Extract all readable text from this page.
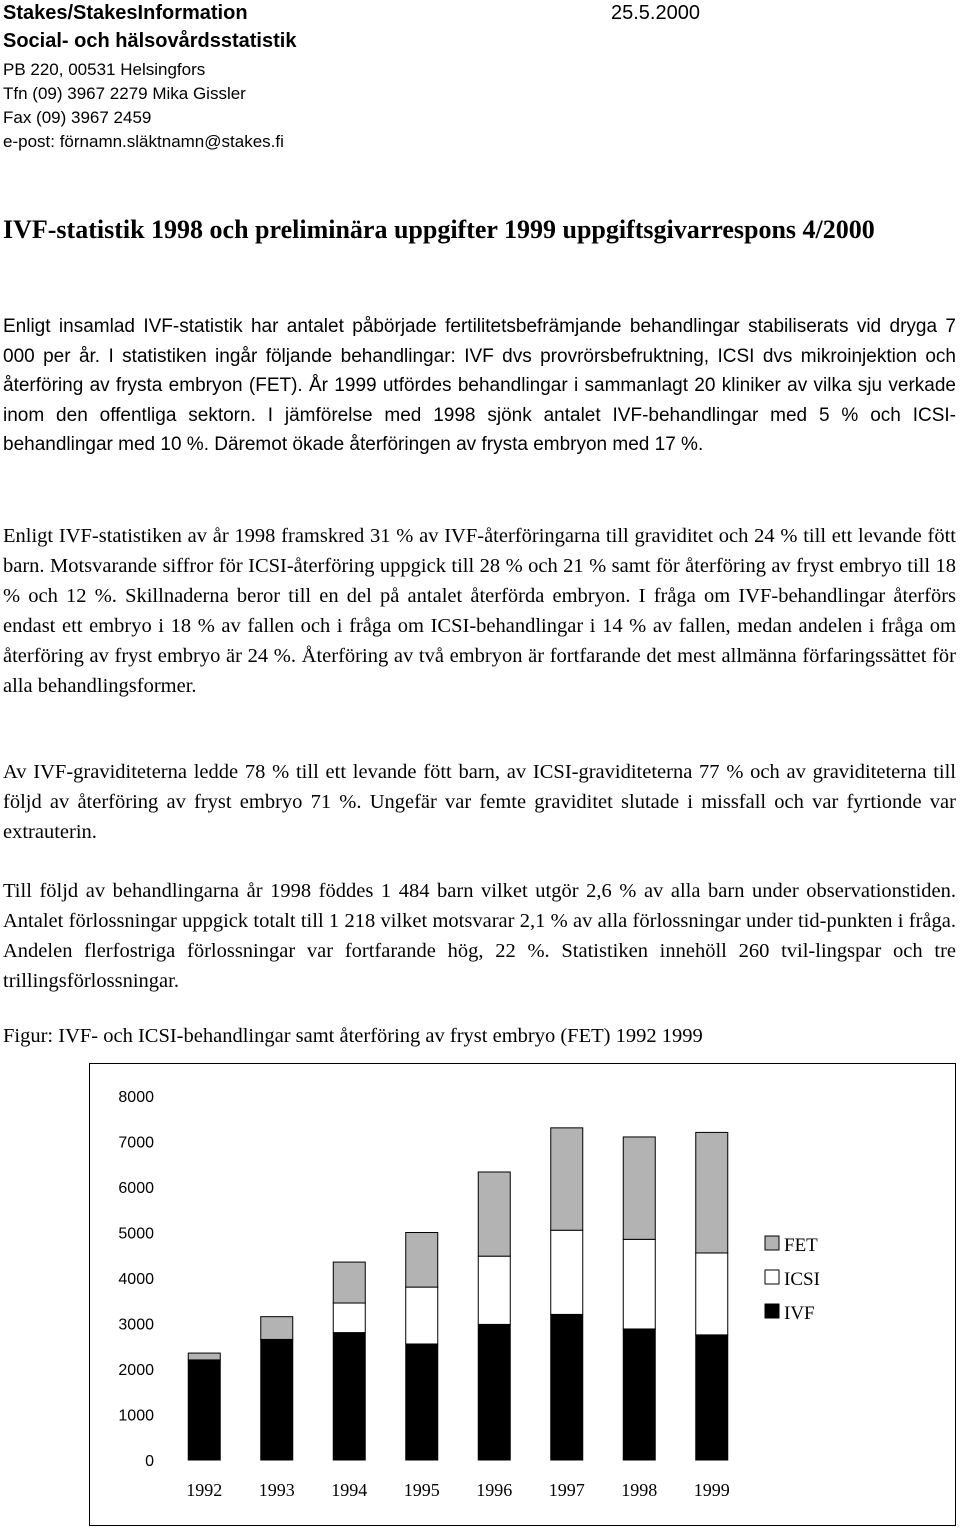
Stakes/StakesInformation	25.5.2000
Social- och hälsovårdsstatistik
PB 220, 00531 Helsingfors
Tfn (09) 3967 2279 Mika Gissler
Fax (09) 3967 2459
e-post: förnamn.släktnamn@stakes.fi
IVF-statistik 1998 och preliminära uppgifter 1999 uppgiftsgivarrespons 4/2000
Enligt insamlad IVF-statistik har antalet påbörjade fertilitetsbefrämjande behandlingar stabiliserats vid dryga 7 000 per år. I statistiken ingår följande behandlingar: IVF dvs provrörsbefruktning, ICSI dvs mikroinjektion och återföring av frysta embryon (FET). År 1999 utfördes behandlingar i sammanlagt 20 kliniker av vilka sju verkade inom den offentliga sektorn. I jämförelse med 1998 sjönk antalet IVF-behandlingar med 5 % och ICSI-behandlingar med 10 %. Däremot ökade återföringen av frysta embryon med 17 %.
Enligt IVF-statistiken av år 1998 framskred 31 % av IVF-återföringarna till graviditet och 24 % till ett levande fött barn. Motsvarande siffror för ICSI-återföring uppgick till 28 % och 21 % samt för återföring av fryst embryo till 18 % och 12 %. Skillnaderna beror till en del på antalet återförda embryon. I fråga om IVF-behandlingar återförs endast ett embryo i 18 % av fallen och i fråga om ICSI-behandlingar i 14 % av fallen, medan andelen i fråga om återföring av fryst embryo är 24 %. Återföring av två embryon är fortfarande det mest allmänna förfaringssättet för alla behandlingsformer.
Av IVF-graviditeterna ledde 78 % till ett levande fött barn, av ICSI-graviditeterna 77 % och av graviditeterna till följd av återföring av fryst embryo 71 %. Ungefär var femte graviditet slutade i missfall och var fyrtionde var extrauterin.
Till följd av behandlingarna år 1998 föddes 1 484 barn vilket utgör 2,6 % av alla barn under observationstiden. Antalet förlossningar uppgick totalt till 1 218 vilket motsvarar 2,1 % av alla förlossningar under tid-punkten i fråga. Andelen flerfostriga förlossningar var fortfarande hög, 22 %. Statistiken innehöll 260 tvil-lingspar och tre trillingsförlossningar.
Figur: IVF- och ICSI-behandlingar samt återföring av fryst embryo (FET) 1992 1999
0
1000
2000
3000
4000
5000
6000
7000
8000
1992 1993 1994 1995 1996 1997 1998 1999
FET
ICSI
IVF
